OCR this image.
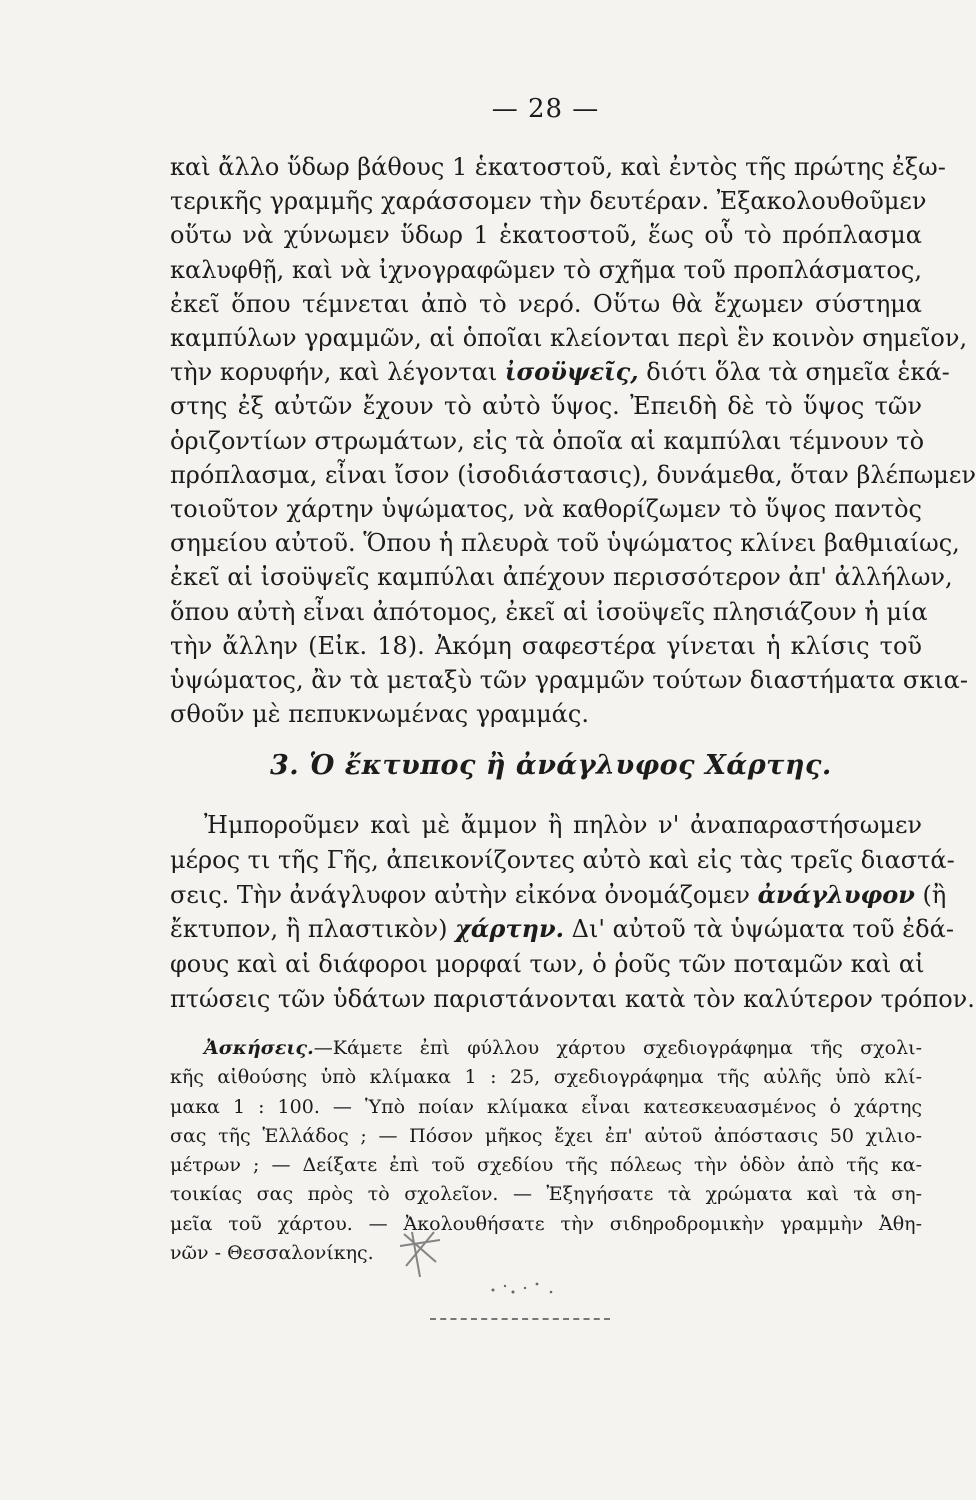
— 28 —
καὶ ἄλλο ὕδωρ βάθους 1 ἑκατοστοῦ, καὶ ἐντὸς τῆς πρώτης ἐξω-
τερικῆς γραμμῆς χαράσσομεν τὴν δευτέραν. Ἐξακολουθοῦμεν
οὕτω νὰ χύνωμεν ὕδωρ 1 ἑκατοστοῦ, ἕως οὗ τὸ πρόπλασμα
καλυφθῇ, καὶ νὰ ἰχνογραφῶμεν τὸ σχῆμα τοῦ προπλάσματος,
ἐκεῖ ὅπου τέμνεται ἀπὸ τὸ νερό. Οὕτω θὰ ἔχωμεν σύστημα
καμπύλων γραμμῶν, αἱ ὁποῖαι κλείονται περὶ ἓν κοινὸν σημεῖον,
τὴν κορυφήν, καὶ λέγονται ἰσοϋψεῖς, διότι ὅλα τὰ σημεῖα ἑκά-
στης ἐξ αὐτῶν ἔχουν τὸ αὐτὸ ὕψος. Ἐπειδὴ δὲ τὸ ὕψος τῶν
ὁριζοντίων στρωμάτων, εἰς τὰ ὁποῖα αἱ καμπύλαι τέμνουν τὸ
πρόπλασμα, εἶναι ἴσον (ἰσοδιάστασις), δυνάμεθα, ὅταν βλέπωμεν
τοιοῦτον χάρτην ὑψώματος, νὰ καθορίζωμεν τὸ ὕψος παντὸς
σημείου αὐτοῦ. Ὅπου ἡ πλευρὰ τοῦ ὑψώματος κλίνει βαθμιαίως,
ἐκεῖ αἱ ἰσοϋψεῖς καμπύλαι ἀπέχουν περισσότερον ἀπ' ἀλλήλων,
ὅπου αὐτὴ εἶναι ἀπότομος, ἐκεῖ αἱ ἰσοϋψεῖς πλησιάζουν ἡ μία
τὴν ἄλλην (Εἰκ. 18). Ἀκόμη σαφεστέρα γίνεται ἡ κλίσις τοῦ
ὑψώματος, ἂν τὰ μεταξὺ τῶν γραμμῶν τούτων διαστήματα σκια-
σθοῦν μὲ πεπυκνωμένας γραμμάς.
3. Ὁ ἔκτυπος ἢ ἀνάγλυφος Χάρτης.
Ἠμποροῦμεν καὶ μὲ ἄμμον ἢ πηλὸν ν' ἀναπαραστήσωμεν
μέρος τι τῆς Γῆς, ἀπεικονίζοντες αὐτὸ καὶ εἰς τὰς τρεῖς διαστά-
σεις. Τὴν ἀνάγλυφον αὐτὴν εἰκόνα ὀνομάζομεν ἀνάγλυφον (ἢ
ἔκτυπον, ἢ πλαστικὸν) χάρτην. Δι' αὐτοῦ τὰ ὑψώματα τοῦ ἐδά-
φους καὶ αἱ διάφοροι μορφαί των, ὁ ῥοῦς τῶν ποταμῶν καὶ αἱ
πτώσεις τῶν ὑδάτων παριστάνονται κατὰ τὸν καλύτερον τρόπον.
Ἀσκήσεις.—Κάμετε ἐπὶ φύλλου χάρτου σχεδιογράφημα τῆς σχολι-
κῆς αἰθούσης ὑπὸ κλίμακα 1 : 25, σχεδιογράφημα τῆς αὐλῆς ὑπὸ κλί-
μακα 1 : 100. — Ὑπὸ ποίαν κλίμακα εἶναι κατεσκευασμένος ὁ χάρτης
σας τῆς Ἑλλάδος ; — Πόσον μῆκος ἔχει ἐπ' αὐτοῦ ἀπόστασις 50 χιλιο-
μέτρων ; — Δείξατε ἐπὶ τοῦ σχεδίου τῆς πόλεως τὴν ὁδὸν ἀπὸ τῆς κα-
τοικίας σας πρὸς τὸ σχολεῖον. — Ἐξηγήσατε τὰ χρώματα καὶ τὰ ση-
μεῖα τοῦ χάρτου. — Ἀκολουθήσατε τὴν σιδηροδρομικὴν γραμμὴν Ἀθη-
νῶν - Θεσσαλονίκης.
